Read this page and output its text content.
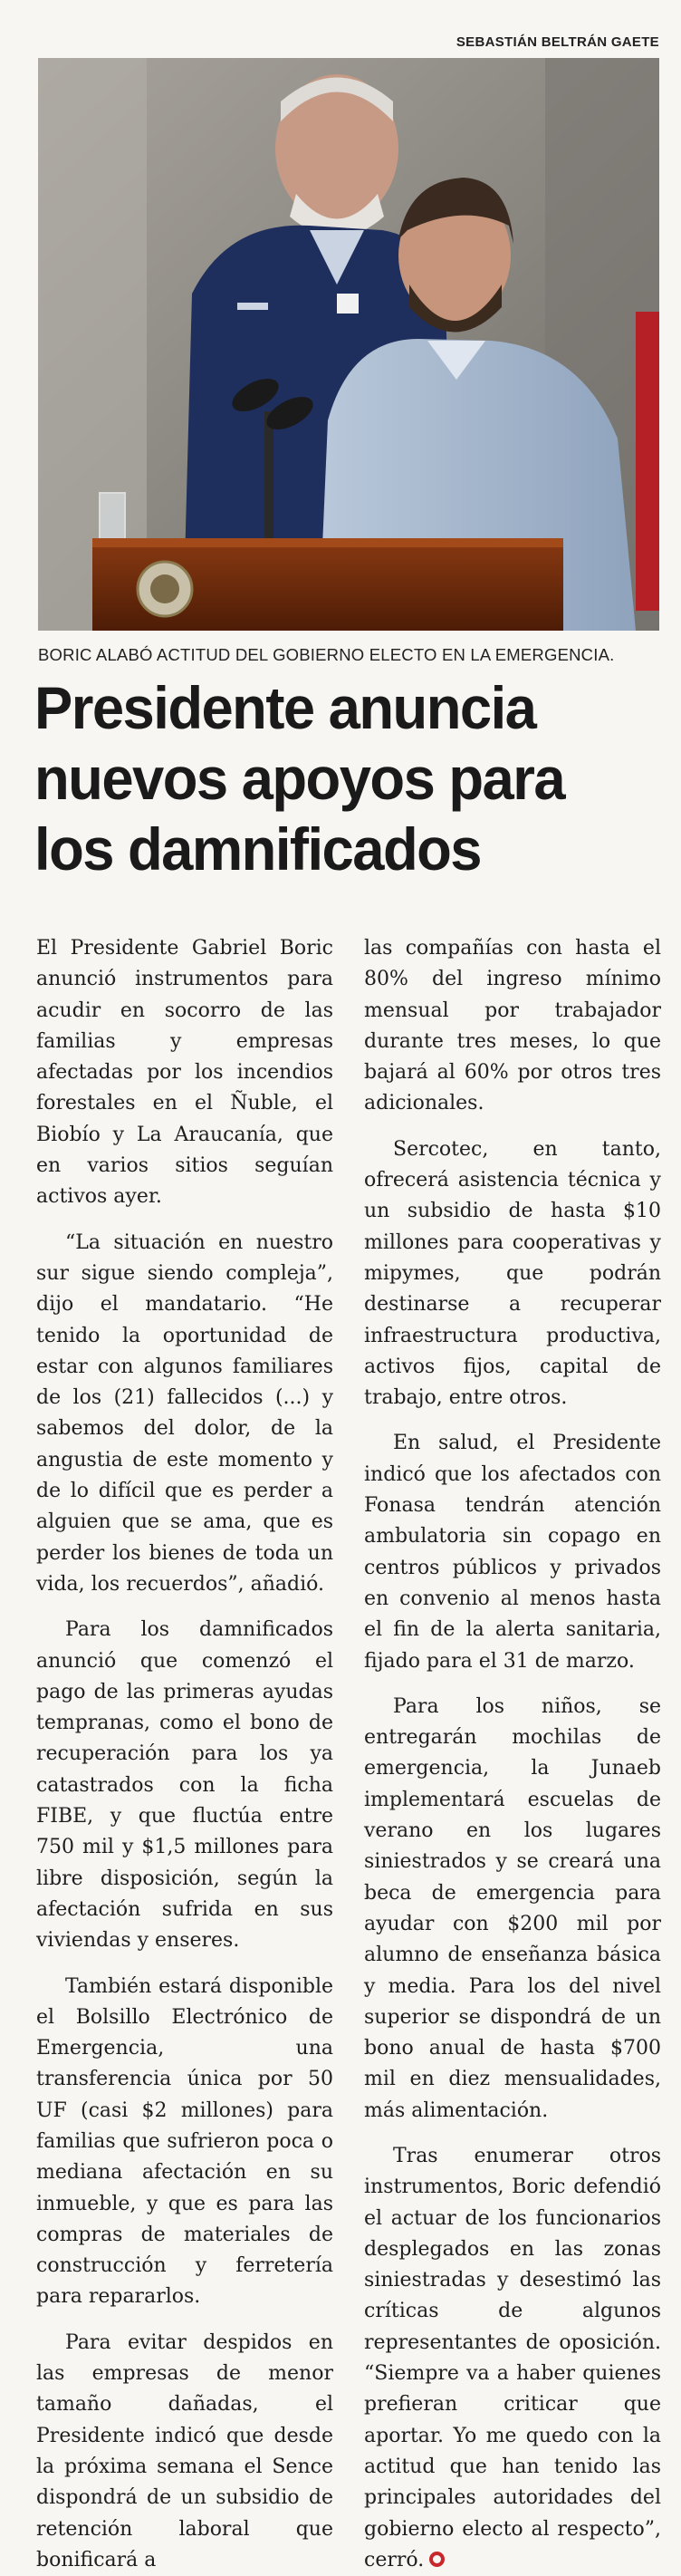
SEBASTIÁN BELTRÁN GAETE
BORIC ALABÓ ACTITUD DEL GOBIERNO ELECTO EN LA EMERGENCIA.
Presidente anuncia
nuevos apoyos para
los damnificados

El Presidente Gabriel Boric anunció instrumentos para acudir en socorro de las familias y empresas afectadas por los incendios forestales en el Ñuble, el Biobío y La Araucanía, que en varios sitios seguían activos ayer.

“La situación en nuestro sur sigue siendo compleja”, dijo el mandatario. “He tenido la oportunidad de estar con algunos familiares de los (21) fallecidos (...) y sabemos del dolor, de la angustia de este momento y de lo difícil que es perder a alguien que se ama, que es perder los bienes de toda un vida, los recuerdos”, añadió.

Para los damnificados anunció que comenzó el pago de las primeras ayudas tempranas, como el bono de recuperación para los ya catastrados con la ficha FIBE, y que fluctúa entre 750 mil y $1,5 millones para libre disposición, según la afectación sufrida en sus viviendas y enseres.

También estará disponible el Bolsillo Electrónico de Emergencia, una transferencia única por 50 UF (casi $2 millones) para familias que sufrieron poca o mediana afectación en su inmueble, y que es para las compras de materiales de construcción y ferretería para repararlos.

Para evitar despidos en las empresas de menor tamaño dañadas, el Presidente indicó que desde la próxima semana el Sence dispondrá de un subsidio de retención laboral que bonificará a

las compañías con hasta el 80% del ingreso mínimo mensual por trabajador durante tres meses, lo que bajará al 60% por otros tres adicionales.

Sercotec, en tanto, ofrecerá asistencia técnica y un subsidio de hasta $10 millones para cooperativas y mipymes, que podrán destinarse a recuperar infraestructura productiva, activos fijos, capital de trabajo, entre otros.

En salud, el Presidente indicó que los afectados con Fonasa tendrán atención ambulatoria sin copago en centros públicos y privados en convenio al menos hasta el fin de la alerta sanitaria, fijado para el 31 de marzo.

Para los niños, se entregarán mochilas de emergencia, la Junaeb implementará escuelas de verano en los lugares siniestrados y se creará una beca de emergencia para ayudar con $200 mil por alumno de enseñanza básica y media. Para los del nivel superior se dispondrá de un bono anual de hasta $700 mil en diez mensualidades, más alimentación.

Tras enumerar otros instrumentos, Boric defendió el actuar de los funcionarios desplegados en las zonas siniestradas y desestimó las críticas de algunos representantes de oposición. “Siempre va a haber quienes prefieran criticar que aportar. Yo me quedo con la actitud que han tenido las principales autoridades del gobierno electo al respecto”, cerró.
